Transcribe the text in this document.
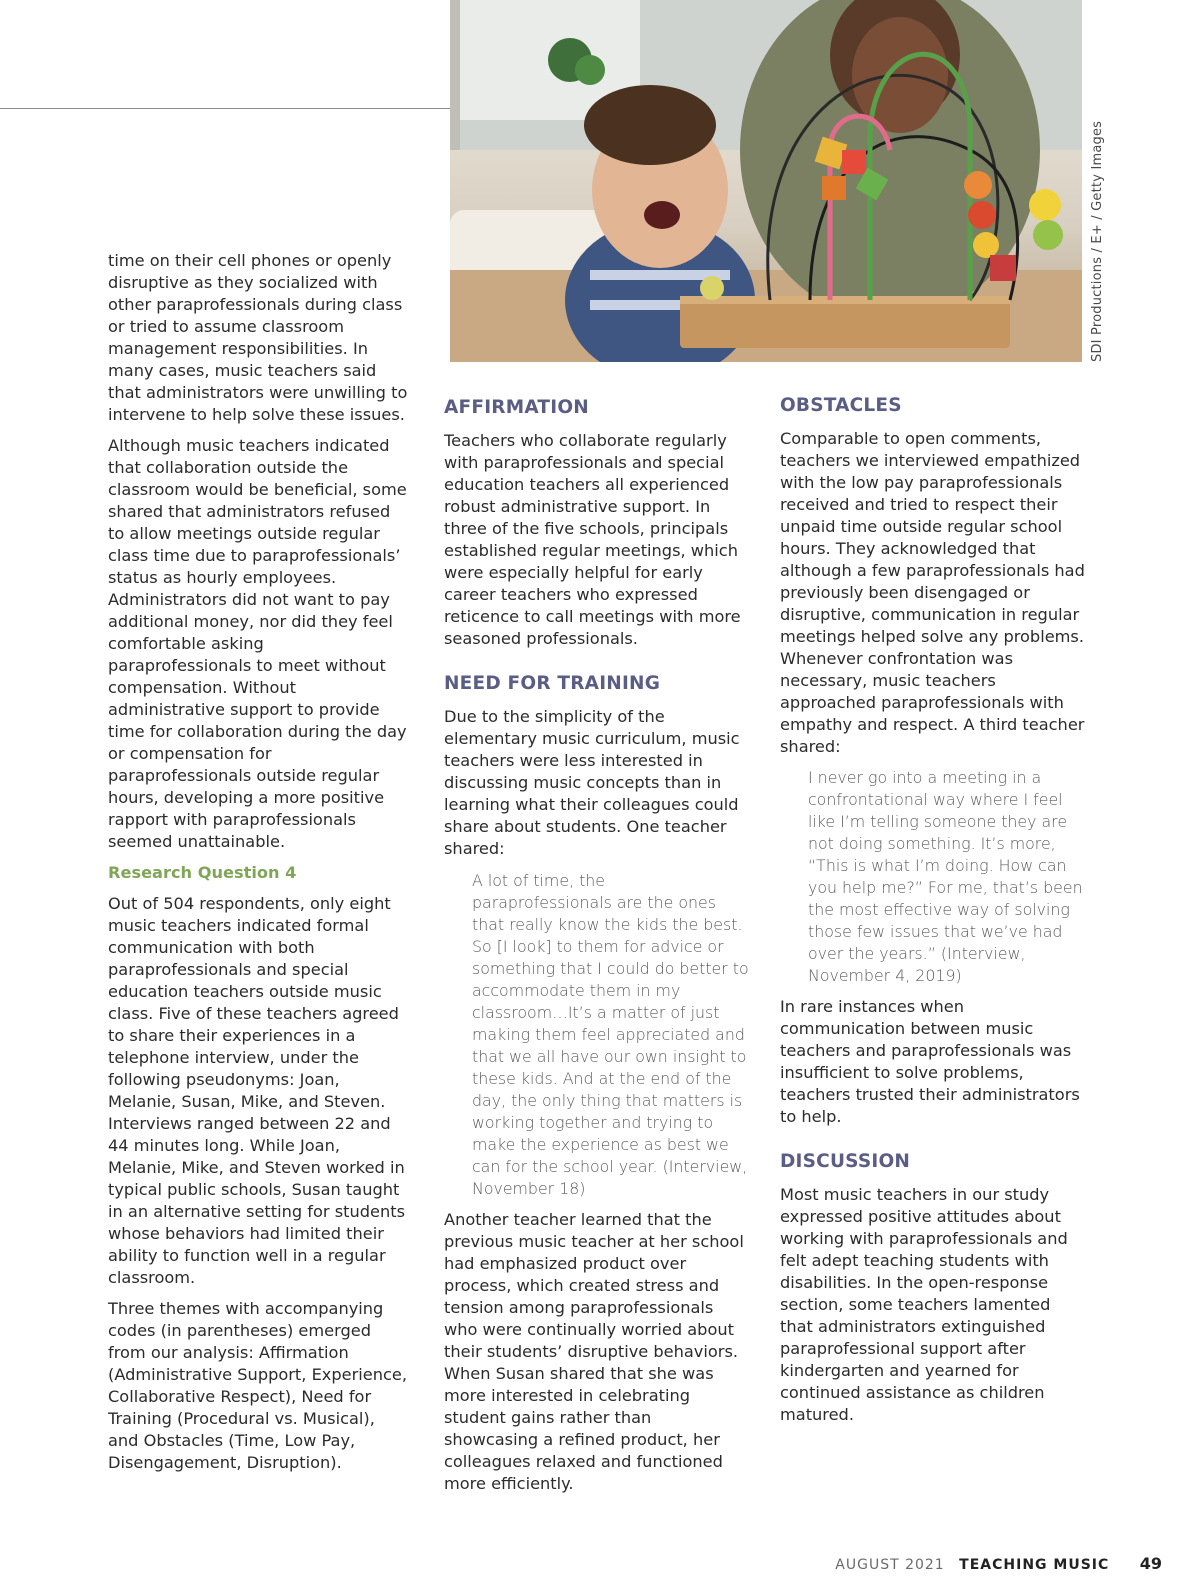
SDI Productions / E+ / Getty Images

time on their cell phones or openly disruptive as they socialized with other paraprofessionals during class or tried to assume classroom management responsibilities. In many cases, music teachers said that administrators were unwilling to intervene to help solve these issues.

Although music teachers indicated that collaboration outside the classroom would be beneficial, some shared that administrators refused to allow meetings outside regular class time due to paraprofessionals’ status as hourly employees. Administrators did not want to pay additional money, nor did they feel comfortable asking paraprofessionals to meet without compensation. Without administrative support to provide time for collaboration during the day or compensation for paraprofessionals outside regular hours, developing a more positive rapport with paraprofessionals seemed unattainable.

Research Question 4

Out of 504 respondents, only eight music teachers indicated formal communication with both paraprofessionals and special education teachers outside music class. Five of these teachers agreed to share their experiences in a telephone interview, under the following pseudonyms: Joan, Melanie, Susan, Mike, and Steven. Interviews ranged between 22 and 44 minutes long. While Joan, Melanie, Mike, and Steven worked in typical public schools, Susan taught in an alternative setting for students whose behaviors had limited their ability to function well in a regular classroom.

Three themes with accompanying codes (in parentheses) emerged from our analysis: Affirmation (Administrative Support, Experience, Collaborative Respect), Need for Training (Procedural vs. Musical), and Obstacles (Time, Low Pay, Disengagement, Disruption).

AFFIRMATION

Teachers who collaborate regularly with paraprofessionals and special education teachers all experienced robust administrative support. In three of the five schools, principals established regular meetings, which were especially helpful for early career teachers who expressed reticence to call meetings with more seasoned professionals.

NEED FOR TRAINING

Due to the simplicity of the elementary music curriculum, music teachers were less interested in discussing music concepts than in learning what their colleagues could share about students. One teacher shared:

A lot of time, the paraprofessionals are the ones that really know the kids the best. So [I look] to them for advice or something that I could do better to accommodate them in my classroom…It’s a matter of just making them feel appreciated and that we all have our own insight to these kids. And at the end of the day, the only thing that matters is working together and trying to make the experience as best we can for the school year. (Interview, November 18)

Another teacher learned that the previous music teacher at her school had emphasized product over process, which created stress and tension among paraprofessionals who were continually worried about their students’ disruptive behaviors. When Susan shared that she was more interested in celebrating student gains rather than showcasing a refined product, her colleagues relaxed and functioned more efficiently.

OBSTACLES

Comparable to open comments, teachers we interviewed empathized with the low pay paraprofessionals received and tried to respect their unpaid time outside regular school hours. They acknowledged that although a few paraprofessionals had previously been disengaged or disruptive, communication in regular meetings helped solve any problems. Whenever confrontation was necessary, music teachers approached paraprofessionals with empathy and respect. A third teacher shared:

I never go into a meeting in a confrontational way where I feel like I’m telling someone they are not doing something. It’s more, “This is what I’m doing. How can you help me?” For me, that’s been the most effective way of solving those few issues that we’ve had over the years.” (Interview, November 4, 2019)

In rare instances when communication between music teachers and paraprofessionals was insufficient to solve problems, teachers trusted their administrators to help.

DISCUSSION

Most music teachers in our study expressed positive attitudes about working with paraprofessionals and felt adept teaching students with disabilities. In the open-response section, some teachers lamented that administrators extinguished paraprofessional support after kindergarten and yearned for continued assistance as children matured.

AUGUST 2021 TEACHING MUSIC 49
